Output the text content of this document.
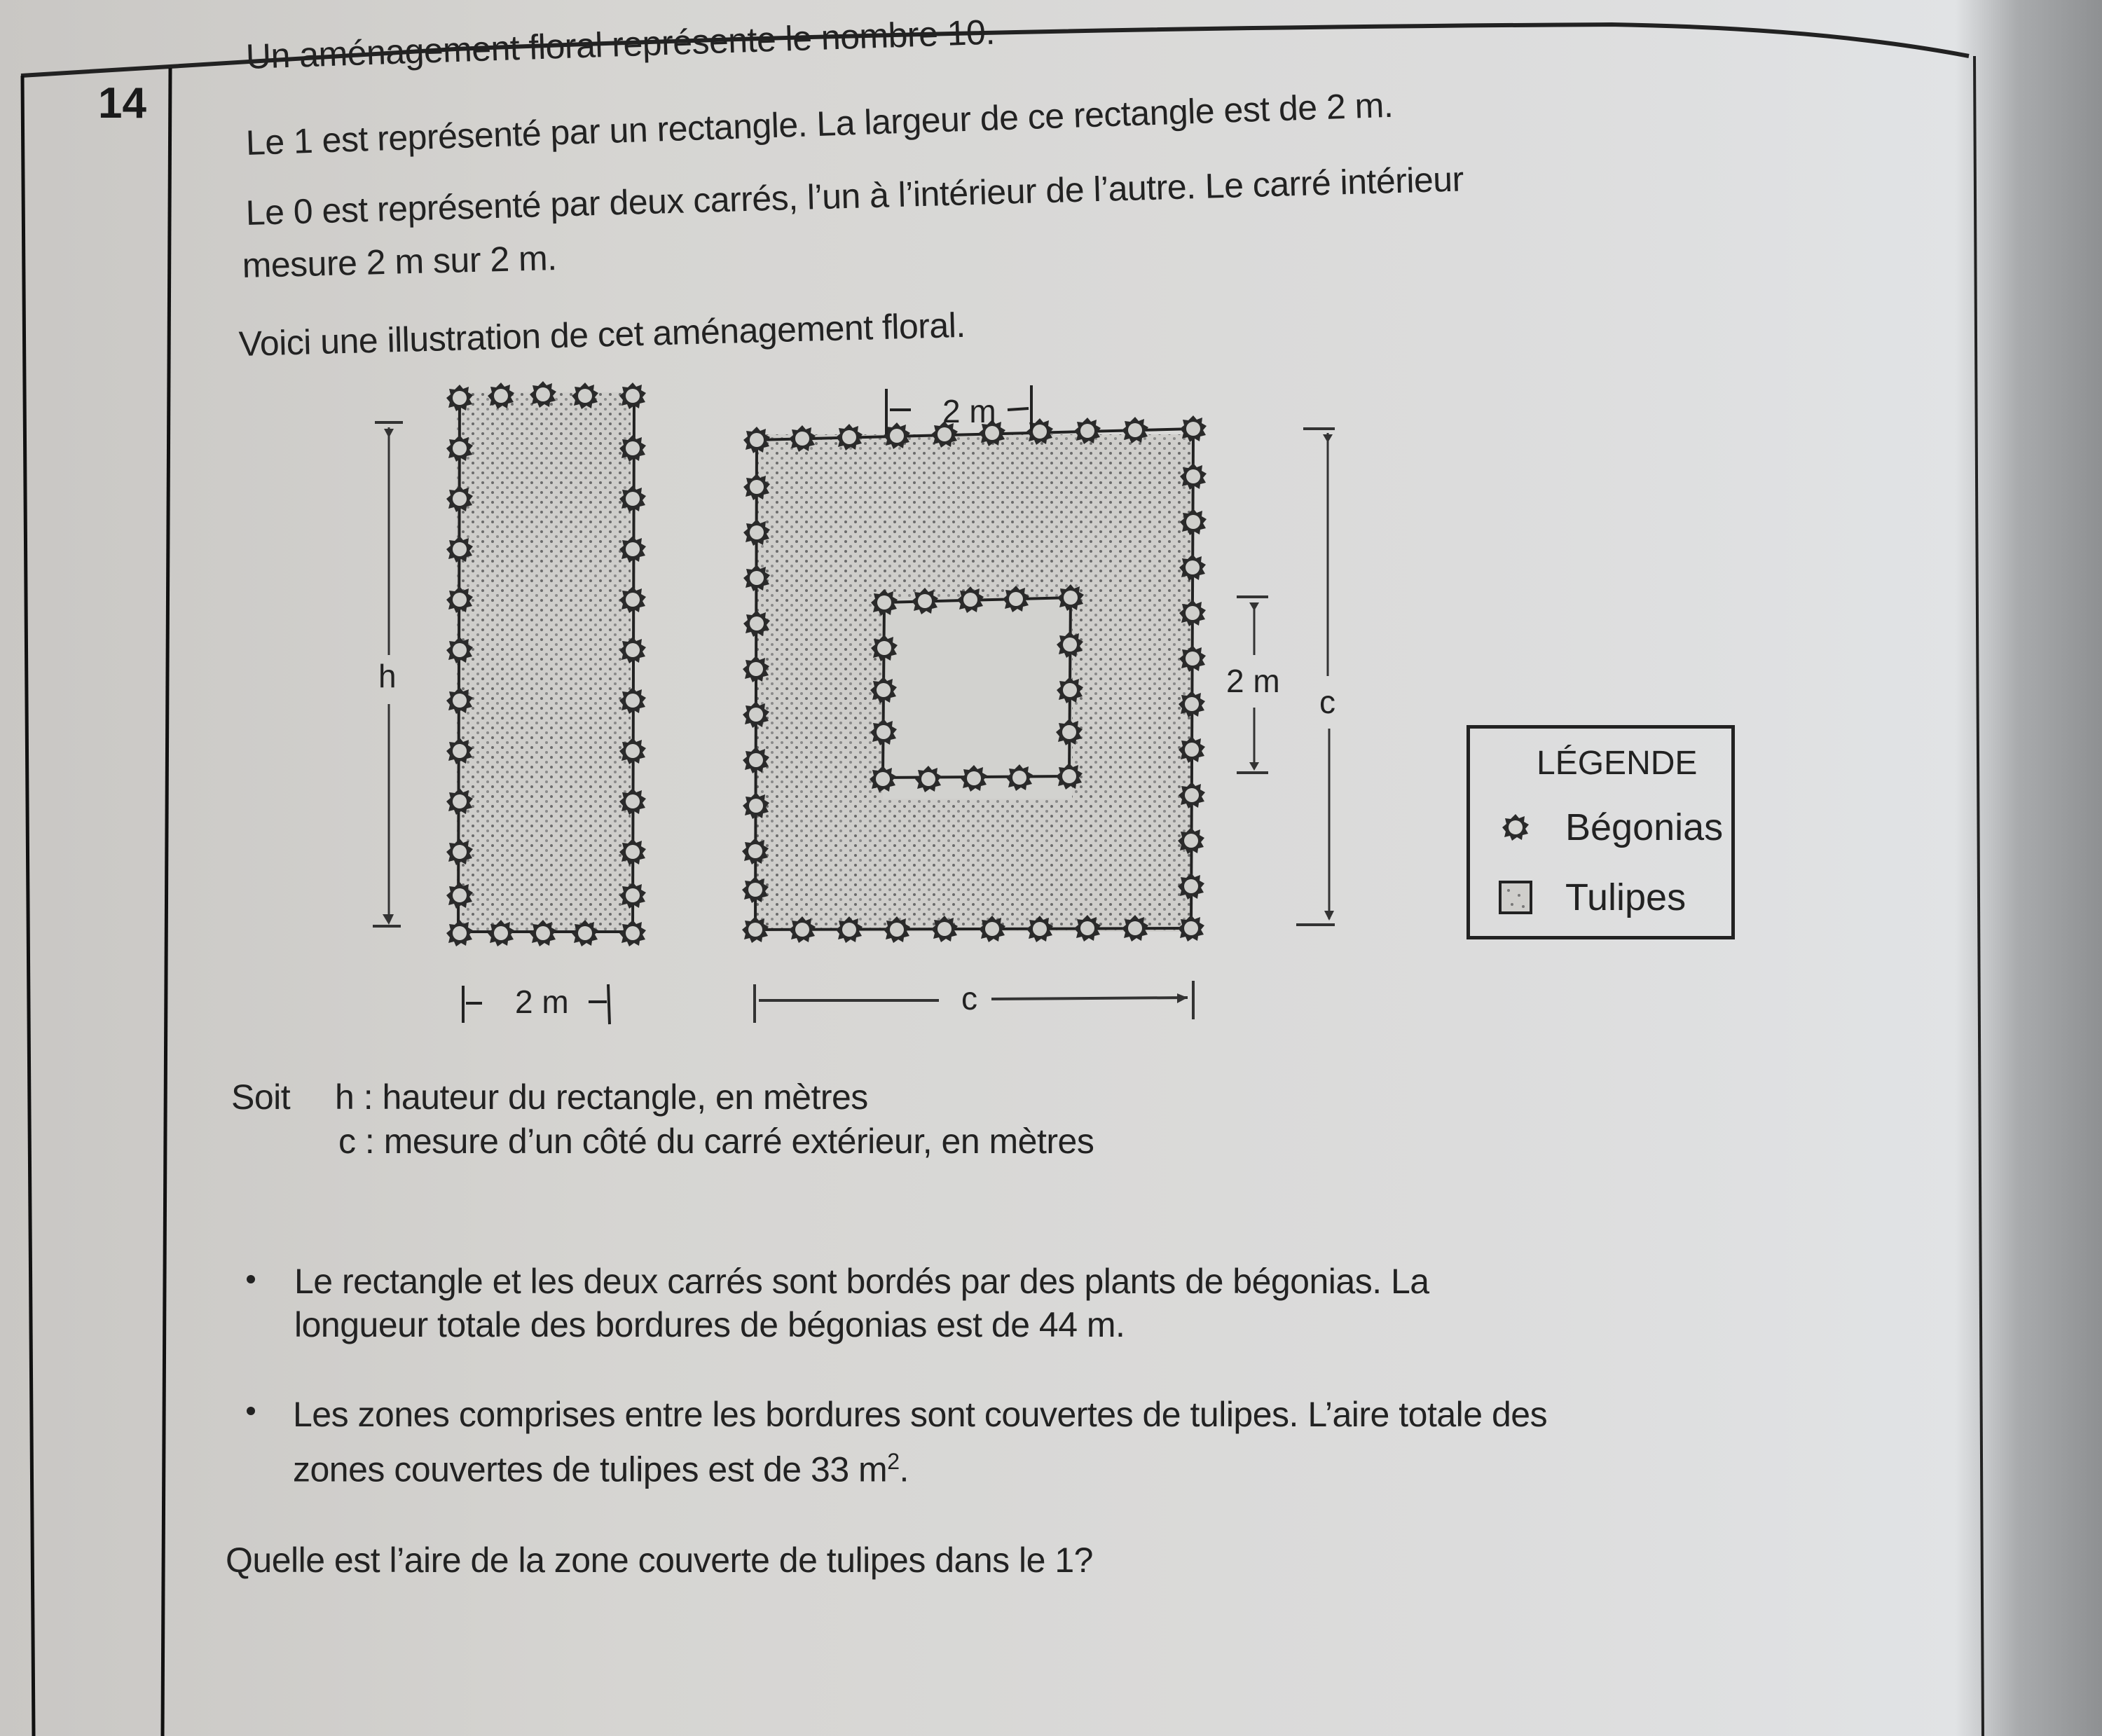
14
Un aménagement floral représente le nombre 10.
Le 1 est représenté par un rectangle. La largeur de ce rectangle est de 2 m.
Le 0 est représenté par deux carrés, l’un à l’intérieur de l’autre. Le carré intérieur
mesure 2 m sur 2 m.
Voici une illustration de cet aménagement floral.
h
2 m
2 m
2 m
c
c
LÉGENDE
Bégonias
Tulipes
Soit h : hauteur du rectangle, en mètres
c : mesure d’un côté du carré extérieur, en mètres
Le rectangle et les deux carrés sont bordés par des plants de bégonias. La
longueur totale des bordures de bégonias est de 44 m.
Les zones comprises entre les bordures sont couvertes de tulipes. L’aire totale des
zones couvertes de tulipes est de 33 $m^2$.
Quelle est l’aire de la zone couverte de tulipes dans le 1?
